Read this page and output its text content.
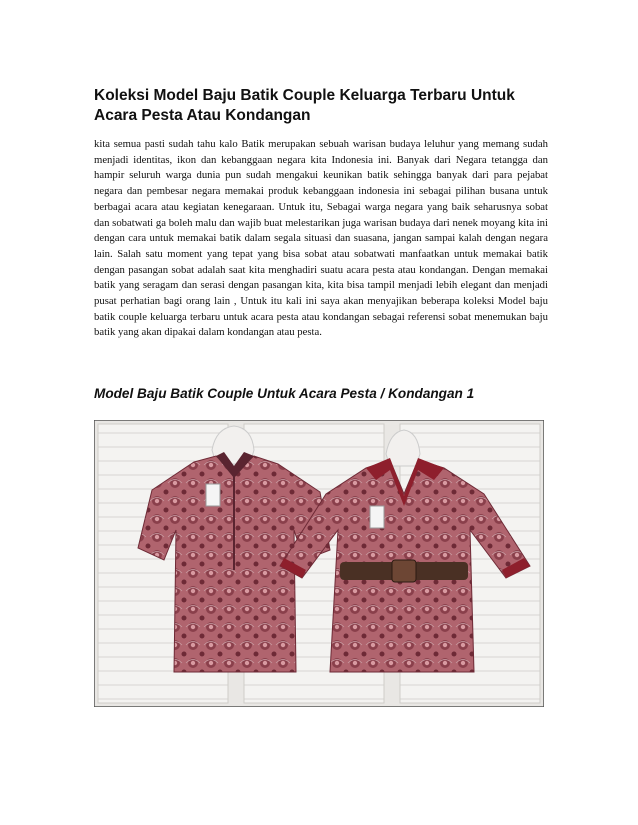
Koleksi Model Baju Batik Couple Keluarga Terbaru Untuk Acara Pesta Atau Kondangan

kita semua pasti sudah tahu kalo Batik merupakan sebuah warisan budaya leluhur yang memang sudah menjadi identitas, ikon dan kebanggaan negara kita Indonesia ini. Banyak dari Negara tetangga dan hampir seluruh warga dunia pun sudah mengakui keunikan batik sehingga banyak dari para pejabat negara dan pembesar negara memakai produk kebanggaan indonesia ini sebagai pilihan busana untuk berbagai acara atau kegiatan kenegaraan. Untuk itu, Sebagai warga negara yang baik seharusnya sobat dan sobatwati ga boleh malu dan wajib buat melestarikan juga warisan budaya dari nenek moyang kita ini dengan cara untuk memakai batik dalam segala situasi dan suasana, jangan sampai kalah dengan negara lain. Salah satu moment yang tepat yang bisa sobat atau sobatwati manfaatkan untuk memakai batik dengan pasangan sobat adalah saat kita menghadiri suatu acara pesta atau kondangan. Dengan memakai batik yang seragam dan serasi dengan pasangan kita, kita bisa tampil menjadi lebih elegant dan menjadi pusat perhatian bagi orang lain , Untuk itu kali ini saya akan menyajikan beberapa koleksi Model baju batik couple keluarga terbaru untuk acara pesta atau kondangan sebagai referensi sobat menemukan baju batik yang akan dipakai dalam kondangan atau pesta.

Model Baju Batik Couple Untuk Acara Pesta / Kondangan 1
